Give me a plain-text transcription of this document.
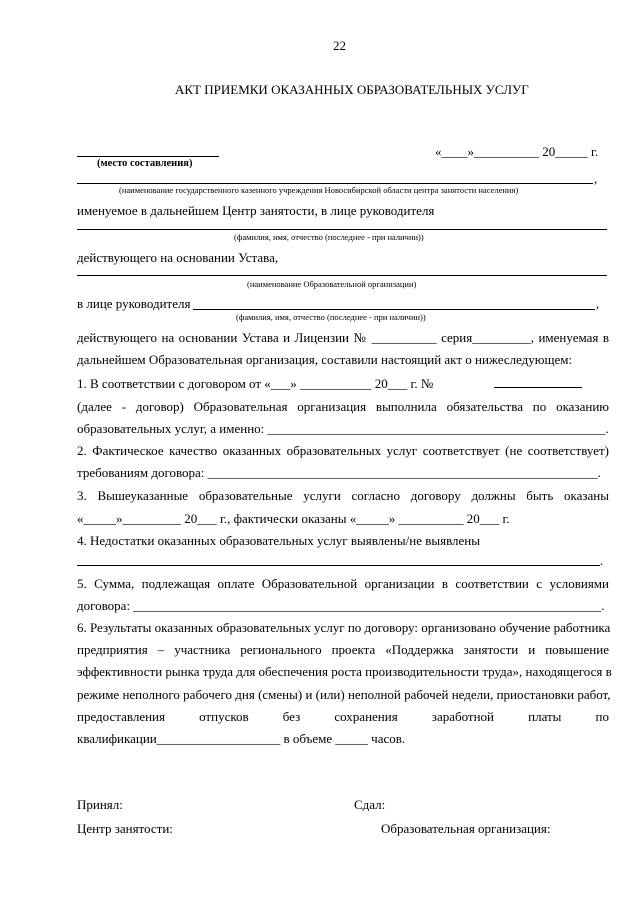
22
АКТ ПРИЕМКИ ОКАЗАННЫХ ОБРАЗОВАТЕЛЬНЫХ УСЛУГ
(место составления)
«____»__________ 20_____ г.
,
(наименование государственного казенного учреждения Новосибирской области центра занятости населения)
именуемое в дальнейшем Центр занятости, в лице руководителя
(фамилия, имя, отчество (последнее - при наличии))
действующего на основании Устава,
(наименование Образовательной организации)
в лице руководителя	,
(фамилия, имя, отчество (последнее - при наличии))
действующего на основании Устава и Лицензии № __________ серия_________, именуемая в
дальнейшем Образовательная организация, составили настоящий акт о нижеследующем:
1. В соответствии с договором от «___» ___________ 20___ г. №
(далее - договор) Образовательная организация выполнила обязательства по оказанию
образовательных услуг, а именно: ____________________________________________________.
2. Фактическое качество оказанных образовательных услуг соответствует (не соответствует)
требованиям договора: ____________________________________________________________.
3. Вышеуказанные образовательные услуги согласно договору должны быть оказаны
«_____»_________ 20___ г., фактически оказаны «_____» __________ 20___ г.
4. Недостатки оказанных образовательных услуг выявлены/не выявлены
.
5. Сумма, подлежащая оплате Образовательной организации в соответствии с условиями
договора: ________________________________________________________________________.
6. Результаты оказанных образовательных услуг по договору: организовано обучение работника
предприятия – участника регионального проекта «Поддержка занятости и повышение
эффективности рынка труда для обеспечения роста производительности труда», находящегося в
режиме неполного рабочего дня (смены) и (или) неполной рабочей недели, приостановки работ,
предоставления отпусков без сохранения заработной платы по
квалификации___________________ в объеме _____ часов.
Принял:	Сдал:
Центр занятости:	Образовательная организация:
